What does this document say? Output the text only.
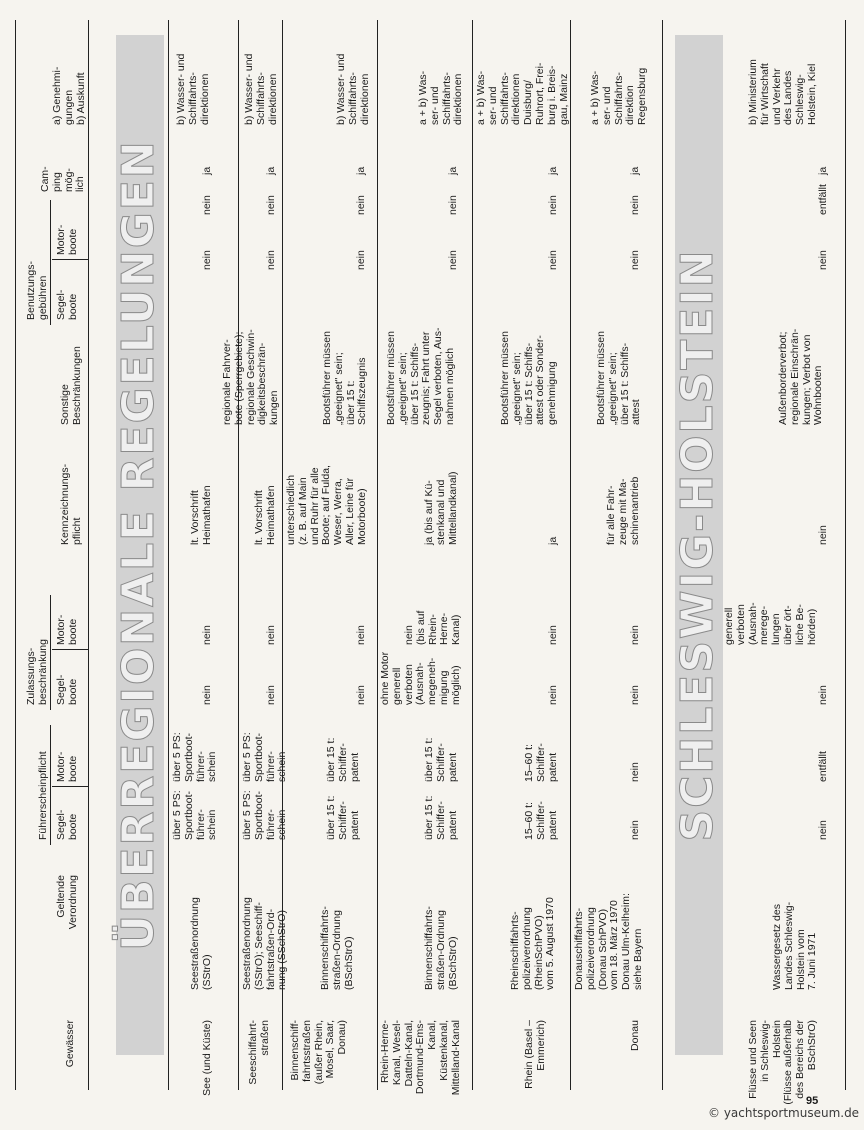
Gewässer
Geltende
Verordnung
Führerscheinpflicht Segel-
boote
Motor-
boote
Zulassungs-
beschränkung Segel-
boote
Motor-
boote
Kennzeichnungs-
pflicht
Sonstige
Beschränkungen
Benutzungs-
gebühren Segel-
boote
Motor-
boote
Cam-
ping
mög-
lich
a) Genehmi-
gungen
b) Auskunft
ÜBERREGIONALE REGELUNGEN	SCHLESWIG-HOLSTEIN
See (und Küste)
Seestraßenordnung
(SStrO)
über 5 PS:
Sportboot-
führer-
schein
über 5 PS:
Sportboot-
führer-
schein
nein
nein
lt. Vorschrift
Heimathafen
nein
nein
ja
b) Wasser- und
Schiffahrts-
direktionen
Seeschiffahrt-
straßen
Seestraßenordnung
(SStrO); Seeschiff-
fahrtstraßen-Ord-
nung (SSchStrO)
über 5 PS:
Sportboot-
führer-
schein
über 5 PS:
Sportboot-
führer-
schein
nein
nein
lt. Vorschrift
Heimathafen
regionale Fahrver-
bote (Sperrgebiete);
regionale Geschwin-
digkeitsbeschrän-
kungen
nein
nein
ja
b) Wasser- und
Schiffahrts-
direktionen
Binnenschiff-
fahrtsstraßen
(außer Rhein,
Mosel, Saar,
Donau)
Binnenschiffahrts-
straßen-Ordnung
(BSchStrO)
über 15 t:
Schiffer-
patent
über 15 t:
Schiffer-
patent
nein
nein
unterschiedlich
(z. B. auf Main
und Ruhr für alle
Boote; auf Fulda,
Weser, Werra,
Aller, Leine für
Motorboote)
Bootsführer müssen
„geeignet" sein;
über 15 t:
Schiffszeugnis
nein
nein
ja
b) Wasser- und
Schiffahrts-
direktionen
Rhein-Herne-
Kanal, Wesel-
Datteln-Kanal,
Dortmund-Ems-
Kanal,
Küstenkanal,
Mittelland-Kanal
Binnenschiffahrts-
straßen-Ordnung
(BSchStrO)
über 15 t:
Schiffer-
patent
über 15 t:
Schiffer-
patent
ohne Motor
generell
verboten
(Ausnah-
megeneh-
migung
möglich)
nein
(bis auf
Rhein-
Herne-
Kanal)
ja (bis auf Kü-
stenkanal und
Mittellandkanal)
Bootsführer müssen
„geeignet" sein;
über 15 t: Schiffs-
zeugnis; Fahrt unter
Segel verboten, Aus-
nahmen möglich
nein
nein
ja
a + b) Was-
ser- und
Schiffahrts-
direktionen
Rhein (Basel –
Emmerich)
Rheinschiffahrts-
polizeiverordnung
(RheinSchPVO)
vom 5. August 1970
15–60 t:
Schiffer-
patent
15–60 t:
Schiffer-
patent
nein
nein
ja
Bootsführer müssen
„geeignet" sein;
über 15 t: Schiffs-
attest oder Sonder-
genehmigung
nein
nein
ja
a + b) Was-
ser- und
Schiffahrts-
direktionen
Duisburg/
Ruhrort, Frei-
burg i. Breis-
gau, Mainz
Donau
Donauschiffahrts-
polizeiverordnung
(Donau SchPVO)
vom 18. März 1970
Donau Ulm-Kelheim:
siehe Bayern
nein
nein
nein
nein
für alle Fahr-
zeuge mit Ma-
schinenantrieb
Bootsführer müssen
„geeignet" sein;
über 15 t: Schiffs-
attest
nein
nein
ja
a + b) Was-
ser- und
Schiffahrts-
direktion
Regensburg
Flüsse und Seen
in Schleswig-
Holstein
(Flüsse außerhalb
des Bereichs der
BSchStrO)
Wassergesetz des
Landes Schleswig-
Holstein vom
7. Juni 1971
nein
entfällt
nein
generell
verboten
(Ausnah-
merege-
lungen
über ört-
liche Be-
hörden)
nein
Außenborderverbot;
regionale Einschrän-
kungen; Verbot von
Wohnbooten
nein
entfällt
ja
b) Ministerium
für Wirtschaft
und Verkehr
des Landes
Schleswig-
Holstein, Kiel
95
© yachtsportmuseum.de
